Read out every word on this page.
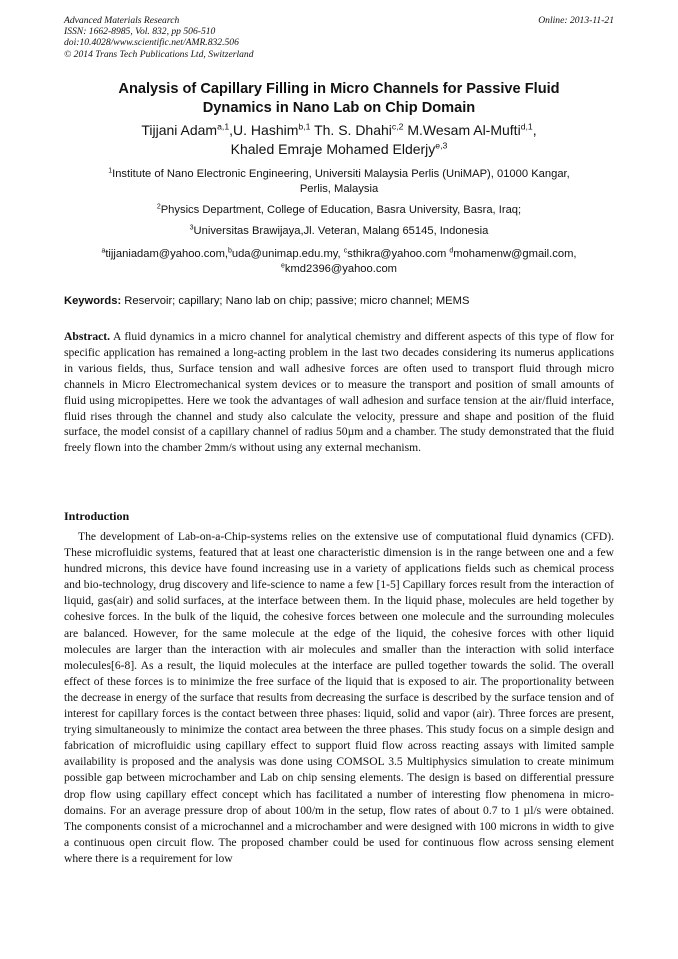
Advanced Materials Research	Online: 2013-11-21
ISSN: 1662-8985, Vol. 832, pp 506-510
doi:10.4028/www.scientific.net/AMR.832.506
© 2014 Trans Tech Publications Ltd, Switzerland
Analysis of Capillary Filling in Micro Channels for Passive Fluid
Dynamics in Nano Lab on Chip Domain
Tijjani Adam$^{a,1}$,U. Hashim$^{b,1}$ Th. S. Dhahi$^{c,2}$ M.Wesam Al-Mufti$^{d,1}$,
Khaled Emraje Mohamed Elderjy$^{e,3}$
$^1$Institute of Nano Electronic Engineering, Universiti Malaysia Perlis (UniMAP), 01000 Kangar,
Perlis, Malaysia
$^2$Physics Department, College of Education, Basra University, Basra, Iraq;
$^3$Universitas Brawijaya,Jl. Veteran, Malang 65145, Indonesia
$^a$tijjaniadam@yahoo.com,$^b$uda@unimap.edu.my, $^c$sthikra@yahoo.com $^d$mohamenw@gmail.com,
$^e$kmd2396@yahoo.com
Keywords: Reservoir; capillary; Nano lab on chip; passive; micro channel; MEMS
Abstract. A fluid dynamics in a micro channel for analytical chemistry and different aspects of this type of flow for specific application has remained a long-acting problem in the last two decades considering its numerus applications in various fields, thus, Surface tension and wall adhesive forces are often used to transport fluid through micro channels in Micro Electromechanical system devices or to measure the transport and position of small amounts of fluid using micropipettes. Here we took the advantages of wall adhesion and surface tension at the air/fluid interface, fluid rises through the channel and study also calculate the velocity, pressure and shape and position of the fluid surface, the model consist of a capillary channel of radius 50µm and a chamber. The study demonstrated that the fluid freely flown into the chamber 2mm/s without using any external mechanism.
Introduction
The development of Lab-on-a-Chip-systems relies on the extensive use of computational fluid dynamics (CFD). These microfluidic systems, featured that at least one characteristic dimension is in the range between one and a few hundred microns, this device have found increasing use in a variety of applications fields such as chemical process and bio-technology, drug discovery and life-science to name a few [1-5] Capillary forces result from the interaction of liquid, gas(air) and solid surfaces, at the interface between them. In the liquid phase, molecules are held together by cohesive forces. In the bulk of the liquid, the cohesive forces between one molecule and the surrounding molecules are balanced. However, for the same molecule at the edge of the liquid, the cohesive forces with other liquid molecules are larger than the interaction with air molecules and smaller than the interaction with solid interface molecules[6-8]. As a result, the liquid molecules at the interface are pulled together towards the solid. The overall effect of these forces is to minimize the free surface of the liquid that is exposed to air. The proportionality between the decrease in energy of the surface that results from decreasing the surface is described by the surface tension and of interest for capillary forces is the contact between three phases: liquid, solid and vapor (air). Three forces are present, trying simultaneously to minimize the contact area between the three phases. This study focus on a simple design and fabrication of microfluidic using capillary effect to support fluid flow across reacting assays with limited sample availability is proposed and the analysis was done using COMSOL 3.5 Multiphysics simulation to create minimum possible gap between microchamber and Lab on chip sensing elements. The design is based on differential pressure drop flow using capillary effect concept which has facilitated a number of interesting flow phenomena in micro-domains. For an average pressure drop of about 100/m in the setup, flow rates of about 0.7 to 1 µl/s were obtained. The components consist of a microchannel and a microchamber and were designed with 100 microns in width to give a continuous open circuit flow. The proposed chamber could be used for continuous flow across sensing element where there is a requirement for low
